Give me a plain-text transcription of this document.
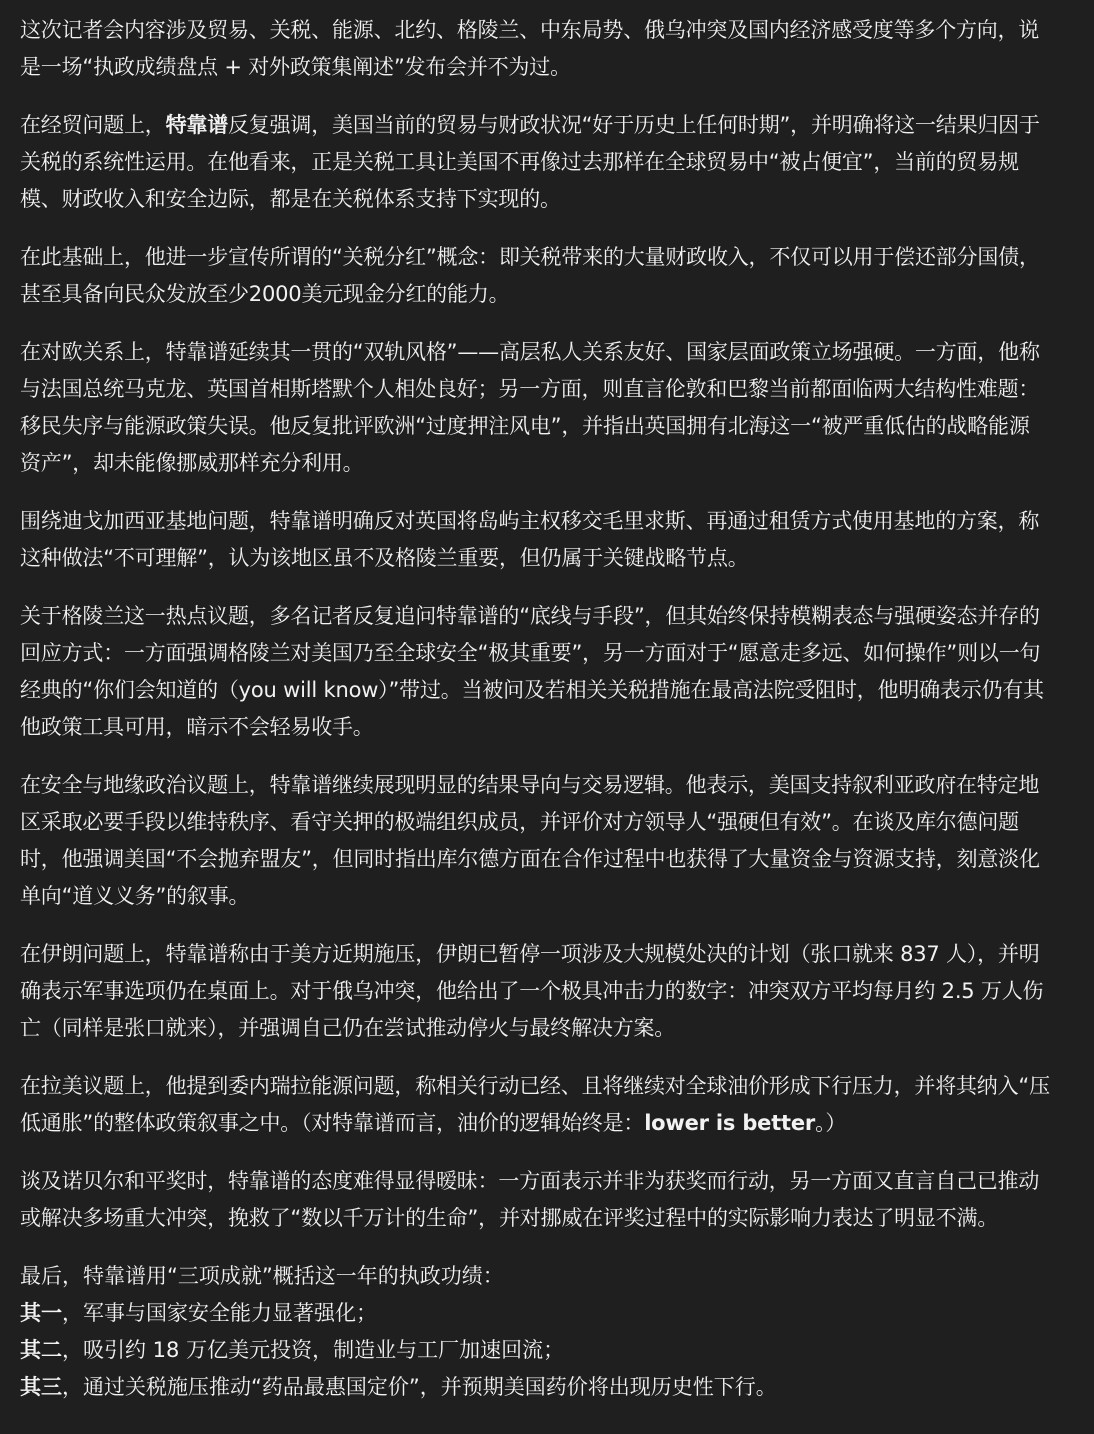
这次记者会内容涉及贸易、关税、能源、北约、格陵兰、中东局势、俄乌冲突及国内经济感受度等多个方向，说是一场“执政成绩盘点 + 对外政策集阐述”发布会并不为过。

在经贸问题上，特靠谱反复强调，美国当前的贸易与财政状况“好于历史上任何时期”，并明确将这一结果归因于关税的系统性运用。在他看来，正是关税工具让美国不再像过去那样在全球贸易中“被占便宜”，当前的贸易规模、财政收入和安全边际，都是在关税体系支持下实现的。

在此基础上，他进一步宣传所谓的“关税分红”概念：即关税带来的大量财政收入，不仅可以用于偿还部分国债，甚至具备向民众发放至少2000美元现金分红的能力。

在对欧关系上，特靠谱延续其一贯的“双轨风格”——高层私人关系友好、国家层面政策立场强硬。一方面，他称与法国总统马克龙、英国首相斯塔默个人相处良好；另一方面，则直言伦敦和巴黎当前都面临两大结构性难题：移民失序与能源政策失误。他反复批评欧洲“过度押注风电”，并指出英国拥有北海这一“被严重低估的战略能源资产”，却未能像挪威那样充分利用。

围绕迪戈加西亚基地问题，特靠谱明确反对英国将岛屿主权移交毛里求斯、再通过租赁方式使用基地的方案，称这种做法“不可理解”，认为该地区虽不及格陵兰重要，但仍属于关键战略节点。

关于格陵兰这一热点议题，多名记者反复追问特靠谱的“底线与手段”，但其始终保持模糊表态与强硬姿态并存的回应方式：一方面强调格陵兰对美国乃至全球安全“极其重要”，另一方面对于“愿意走多远、如何操作”则以一句经典的“你们会知道的（you will know）”带过。当被问及若相关关税措施在最高法院受阻时，他明确表示仍有其他政策工具可用，暗示不会轻易收手。

在安全与地缘政治议题上，特靠谱继续展现明显的结果导向与交易逻辑。他表示，美国支持叙利亚政府在特定地区采取必要手段以维持秩序、看守关押的极端组织成员，并评价对方领导人“强硬但有效”。在谈及库尔德问题时，他强调美国“不会抛弃盟友”，但同时指出库尔德方面在合作过程中也获得了大量资金与资源支持，刻意淡化单向“道义义务”的叙事。

在伊朗问题上，特靠谱称由于美方近期施压，伊朗已暂停一项涉及大规模处决的计划（张口就来 837 人），并明确表示军事选项仍在桌面上。对于俄乌冲突，他给出了一个极具冲击力的数字：冲突双方平均每月约 2.5 万人伤亡（同样是张口就来），并强调自己仍在尝试推动停火与最终解决方案。

在拉美议题上，他提到委内瑞拉能源问题，称相关行动已经、且将继续对全球油价形成下行压力，并将其纳入“压低通胀”的整体政策叙事之中。（对特靠谱而言，油价的逻辑始终是：lower is better。）

谈及诺贝尔和平奖时，特靠谱的态度难得显得暧昧：一方面表示并非为获奖而行动，另一方面又直言自己已推动或解决多场重大冲突，挽救了“数以千万计的生命”，并对挪威在评奖过程中的实际影响力表达了明显不满。

最后，特靠谱用“三项成就”概括这一年的执政功绩：

其一，军事与国家安全能力显著强化；
其二，吸引约 18 万亿美元投资，制造业与工厂加速回流；
其三，通过关税施压推动“药品最惠国定价”，并预期美国药价将出现历史性下行。
